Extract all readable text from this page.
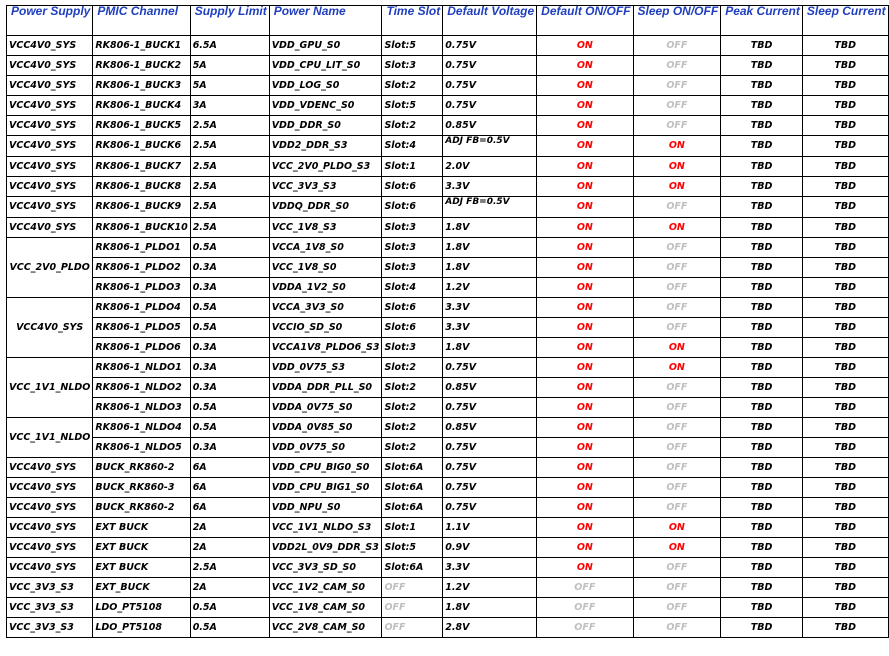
Power Supply	PMIC Channel	Supply Limit	Power Name	Time Slot	Default Voltage	Default ON/OFF	Sleep ON/OFF	Peak Current	Sleep Current
VCC4V0_SYS	RK806-1_BUCK1	6.5A	VDD_GPU_S0	Slot:5	0.75V	ON	OFF	TBD	TBD
VCC4V0_SYS	RK806-1_BUCK2	5A	VDD_CPU_LIT_S0	Slot:3	0.75V	ON	OFF	TBD	TBD
VCC4V0_SYS	RK806-1_BUCK3	5A	VDD_LOG_S0	Slot:2	0.75V	ON	OFF	TBD	TBD
VCC4V0_SYS	RK806-1_BUCK4	3A	VDD_VDENC_S0	Slot:5	0.75V	ON	OFF	TBD	TBD
VCC4V0_SYS	RK806-1_BUCK5	2.5A	VDD_DDR_S0	Slot:2	0.85V	ON	OFF	TBD	TBD
VCC4V0_SYS	RK806-1_BUCK6	2.5A	VDD2_DDR_S3	Slot:4	ADJ FB=0.5V	ON	ON	TBD	TBD
VCC4V0_SYS	RK806-1_BUCK7	2.5A	VCC_2V0_PLDO_S3	Slot:1	2.0V	ON	ON	TBD	TBD
VCC4V0_SYS	RK806-1_BUCK8	2.5A	VCC_3V3_S3	Slot:6	3.3V	ON	ON	TBD	TBD
VCC4V0_SYS	RK806-1_BUCK9	2.5A	VDDQ_DDR_S0	Slot:6	ADJ FB=0.5V	ON	OFF	TBD	TBD
VCC4V0_SYS	RK806-1_BUCK10	2.5A	VCC_1V8_S3	Slot:3	1.8V	ON	ON	TBD	TBD
VCC_2V0_PLDO	RK806-1_PLDO1	0.5A	VCCA_1V8_S0	Slot:3	1.8V	ON	OFF	TBD	TBD
	RK806-1_PLDO2	0.3A	VCC_1V8_S0	Slot:3	1.8V	ON	OFF	TBD	TBD
	RK806-1_PLDO3	0.3A	VDDA_1V2_S0	Slot:4	1.2V	ON	OFF	TBD	TBD
VCC4V0_SYS	RK806-1_PLDO4	0.5A	VCCA_3V3_S0	Slot:6	3.3V	ON	OFF	TBD	TBD
	RK806-1_PLDO5	0.5A	VCCIO_SD_S0	Slot:6	3.3V	ON	OFF	TBD	TBD
	RK806-1_PLDO6	0.3A	VCCA1V8_PLDO6_S3	Slot:3	1.8V	ON	ON	TBD	TBD
VCC_1V1_NLDO	RK806-1_NLDO1	0.3A	VDD_0V75_S3	Slot:2	0.75V	ON	ON	TBD	TBD
	RK806-1_NLDO2	0.3A	VDDA_DDR_PLL_S0	Slot:2	0.85V	ON	OFF	TBD	TBD
	RK806-1_NLDO3	0.5A	VDDA_0V75_S0	Slot:2	0.75V	ON	OFF	TBD	TBD
VCC_1V1_NLDO	RK806-1_NLDO4	0.5A	VDDA_0V85_S0	Slot:2	0.85V	ON	OFF	TBD	TBD
	RK806-1_NLDO5	0.3A	VDD_0V75_S0	Slot:2	0.75V	ON	OFF	TBD	TBD
VCC4V0_SYS	BUCK_RK860-2	6A	VDD_CPU_BIG0_S0	Slot:6A	0.75V	ON	OFF	TBD	TBD
VCC4V0_SYS	BUCK_RK860-3	6A	VDD_CPU_BIG1_S0	Slot:6A	0.75V	ON	OFF	TBD	TBD
VCC4V0_SYS	BUCK_RK860-2	6A	VDD_NPU_S0	Slot:6A	0.75V	ON	OFF	TBD	TBD
VCC4V0_SYS	EXT BUCK	2A	VCC_1V1_NLDO_S3	Slot:1	1.1V	ON	ON	TBD	TBD
VCC4V0_SYS	EXT BUCK	2A	VDD2L_0V9_DDR_S3	Slot:5	0.9V	ON	ON	TBD	TBD
VCC4V0_SYS	EXT BUCK	2.5A	VCC_3V3_SD_S0	Slot:6A	3.3V	ON	OFF	TBD	TBD
VCC_3V3_S3	EXT_BUCK	2A	VCC_1V2_CAM_S0	OFF	1.2V	OFF	OFF	TBD	TBD
VCC_3V3_S3	LDO_PT5108	0.5A	VCC_1V8_CAM_S0	OFF	1.8V	OFF	OFF	TBD	TBD
VCC_3V3_S3	LDO_PT5108	0.5A	VCC_2V8_CAM_S0	OFF	2.8V	OFF	OFF	TBD	TBD
